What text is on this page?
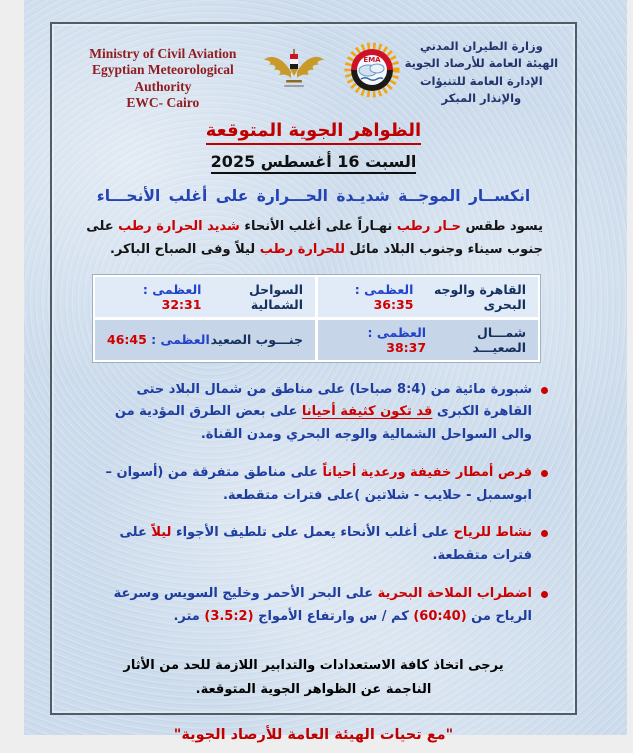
Ministry of Civil Aviation
Egyptian Meteorological Authority
EWC- Cairo
EMA
وزارة الطيران المدني
الهيئة العامة للأرصاد الجوية
الإدارة العامة للتنبؤات والإنذار المبكر
الظواهر الجوية المتوقعة
السبت 16 أغسطس 2025
انكســار الموجــة شديـدة الحـــرارة على أغلب الأنحـــاء

يسود طقس حـار رطب نهـاراً على أغلب الأنحاء شديد الحرارة رطب على جنوب سيناء وجنوب البلاد مائل للحرارة رطب ليلاً وفى الصباح الباكر.

القاهرة والوجه البحرى
العظمى : 36:35
السواحل الشمالية
العظمى : 32:31
شمـــال الصعيـــد
العظمى : 38:37
جنـــوب الصعيد
العظمى : 46:45
شبورة مائية من (8:4 صباحا) على مناطق من شمال البلاد حتى القاهرة الكبرى قد تكون كثيفة أحيانا على بعض الطرق المؤدية من والى السواحل الشمالية والوجه البحري ومدن القناة.
فرص أمطار خفيفة ورعدية أحياناً على مناطق متفرقة من (أسوان – ابوسمبل - حلايب - شلاتين )على فترات متقطعة.
نشاط للرياح على أغلب الأنحاء يعمل على تلطيف الأجواء ليلاً على فترات متقطعة.
اضطراب الملاحة البحرية على البحر الأحمر وخليج السويس وسرعة الرياح من (60:40) كم / س وارتفاع الأمواج (3.5:2) متر.
يرجى اتخاذ كافة الاستعدادات والتدابير اللازمة للحد من الأثار الناجمة عن الظواهر الجوية المتوقعة.
"مع تحيات الهيئة العامة للأرصاد الجوية"
